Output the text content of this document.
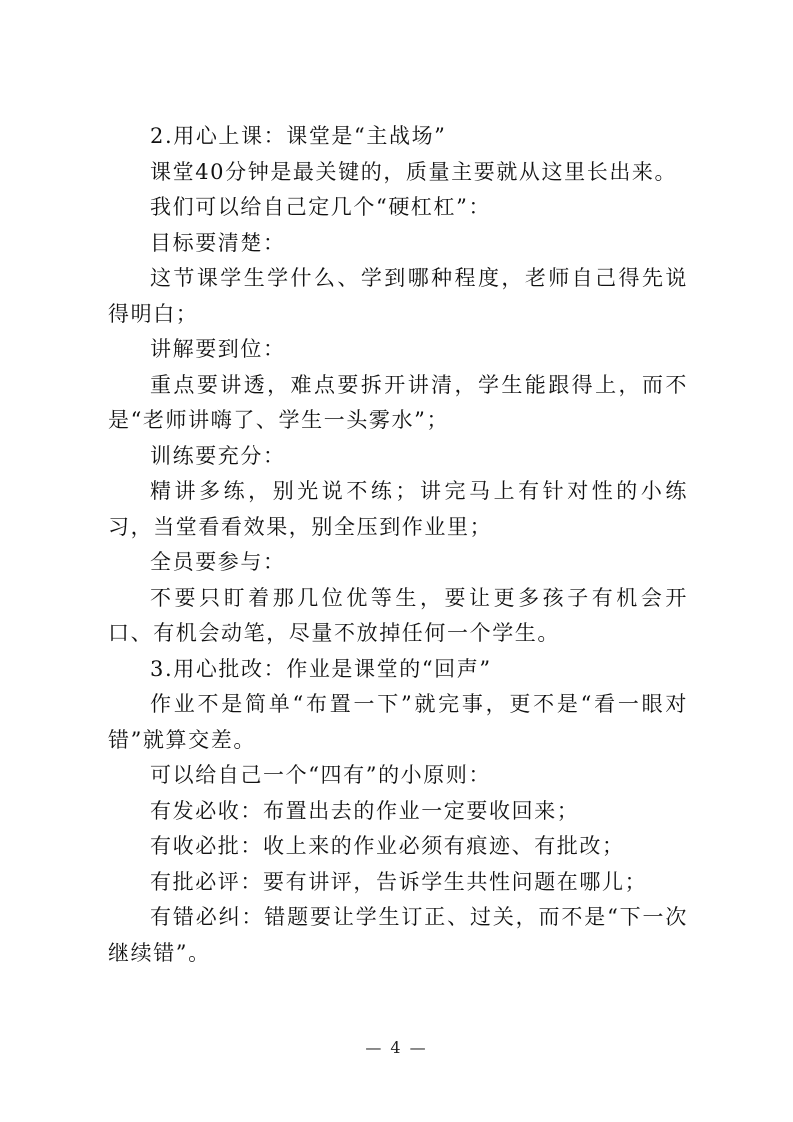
2.用心上课：课堂是“主战场”

课堂40分钟是最关键的，质量主要就从这里长出来。

我们可以给自己定几个“硬杠杠”：

目标要清楚：

这节课学生学什么、学到哪种程度，老师自己得先说得明白；

讲解要到位：

重点要讲透，难点要拆开讲清，学生能跟得上，而不是“老师讲嗨了、学生一头雾水”；

训练要充分：

精讲多练，别光说不练；讲完马上有针对性的小练习，当堂看看效果，别全压到作业里；

全员要参与：

不要只盯着那几位优等生，要让更多孩子有机会开口、有机会动笔，尽量不放掉任何一个学生。

3.用心批改：作业是课堂的“回声”

作业不是简单“布置一下”就完事，更不是“看一眼对错”就算交差。

可以给自己一个“四有”的小原则：

有发必收：布置出去的作业一定要收回来；

有收必批：收上来的作业必须有痕迹、有批改；

有批必评：要有讲评，告诉学生共性问题在哪儿；

有错必纠：错题要让学生订正、过关，而不是“下一次继续错”。

— 4 —
